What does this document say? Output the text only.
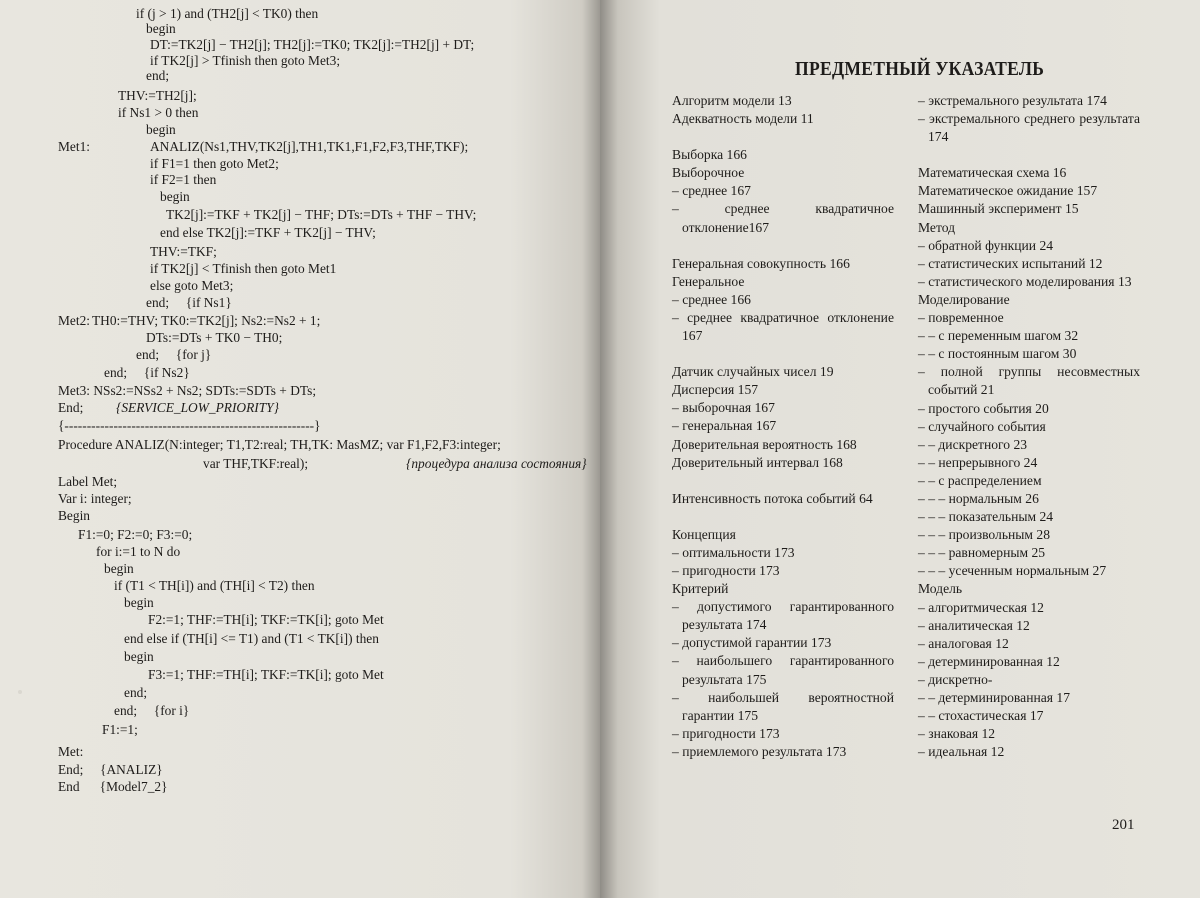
if (j > 1) and (TH2[j] < TK0) then
begin
DT:=TK2[j] − TH2[j]; TH2[j]:=TK0; TK2[j]:=TH2[j] + DT;
if TK2[j] > Tfinish then goto Met3;
end;
THV:=TH2[j];
if Ns1 > 0 then
begin
ANALIZ(Ns1,THV,TK2[j],TH1,TK1,F1,F2,F3,THF,TKF);
if F1=1 then goto Met2;
if F2=1 then
begin
TK2[j]:=TKF + TK2[j] − THF; DTs:=DTs + THF − THV;
end else TK2[j]:=TKF + TK2[j] − THV;
THV:=TKF;
if TK2[j] < Tfinish then goto Met1
else goto Met3;
end;     {if Ns1}
TH0:=THV; TK0:=TK2[j]; Ns2:=Ns2 + 1;
DTs:=DTs + TK0 − TH0;
end;     {for j}
end;     {if Ns2}
Met3: NSs2:=NSs2 + Ns2; SDTs:=SDTs + DTs;
End;
{--------------------------------------------------------}
Procedure ANALIZ(N:integer; T1,T2:real; TH,TK: MasMZ; var F1,F2,F3:integer;
var THF,TKF:real);
Label Met;
Var i: integer;
Begin
F1:=0; F2:=0; F3:=0;
for i:=1 to N do
begin
if (T1 < TH[i]) and (TH[i] < T2) then
begin
F2:=1; THF:=TH[i]; TKF:=TK[i]; goto Met
end else if (TH[i] <= T1) and (T1 < TK[i]) then
begin
F3:=1; THF:=TH[i]; TKF:=TK[i]; goto Met
end;
end;     {for i}
F1:=1;
Met:
End;     {ANALIZ}
End      {Model7_2}
Met1:
Met2:
{SERVICE_LOW_PRIORITY}
{процедура анализа состояния}
ПРЕДМЕТНЫЙ УКАЗАТЕЛЬ
Алгоритм модели 13
Адекватность модели 11
Выборка 166
Выборочное
– среднее 167
– среднее квадратичное отклонение167
Генеральная совокупность 166
Генеральное
– среднее 166
– среднее квадратичное отклонение 167
Датчик случайных чисел 19
Дисперсия 157
– выборочная 167
– генеральная 167
Доверительная вероятность 168
Доверительный интервал 168
Интенсивность потока событий 64
Концепция
– оптимальности 173
– пригодности 173
Критерий
– допустимого гарантированного результата 174
– допустимой гарантии 173
– наибольшего гарантированного результата 175
– наибольшей вероятностной гарантии 175
– пригодности 173
– приемлемого результата 173
– экстремального результата 174
– экстремального среднего результата 174
Математическая схема 16
Математическое ожидание 157
Машинный эксперимент 15
Метод
– обратной функции 24
– статистических испытаний 12
– статистического моделирования 13
Моделирование
– повременное
– – с переменным шагом 32
– – с постоянным шагом 30
– полной группы несовместных событий 21
– простого события 20
– случайного события
– – дискретного 23
– – непрерывного 24
– – с распределением
– – – нормальным 26
– – – показательным 24
– – – произвольным 28
– – – равномерным 25
– – – усеченным нормальным 27
Модель
– алгоритмическая 12
– аналитическая 12
– аналоговая 12
– детерминированная 12
– дискретно-
– – детерминированная 17
– – стохастическая 17
– знаковая 12
– идеальная 12
201
